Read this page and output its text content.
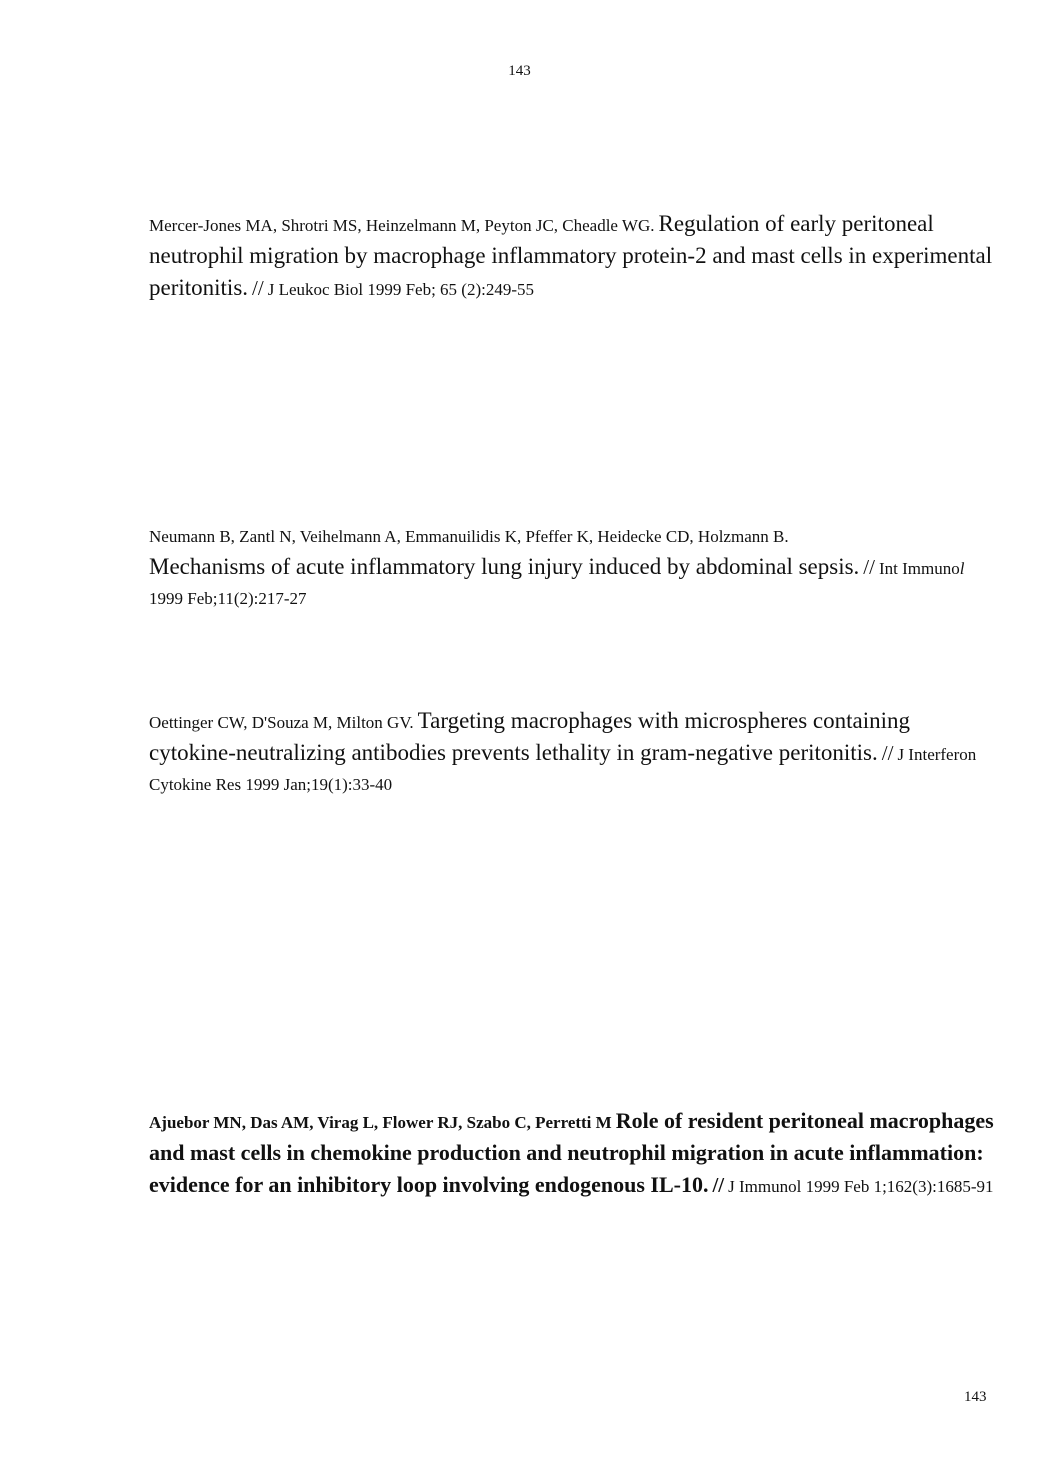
143

Mercer-Jones MA, Shrotri MS, Heinzelmann M, Peyton JC, Cheadle WG. Regulation of early peritoneal neutrophil migration by macrophage inflammatory protein-2 and mast cells in experimental peritonitis. // J Leukoc Biol 1999 Feb; 65 (2):249-55

Neumann B, Zantl N, Veihelmann A, Emmanuilidis K, Pfeffer K, Heidecke CD, Holzmann B.
Mechanisms of acute inflammatory lung injury induced by abdominal sepsis. // Int Immunol 1999 Feb;11(2):217-27

Oettinger CW, D'Souza M, Milton GV. Targeting macrophages with microspheres containing cytokine-neutralizing antibodies prevents lethality in gram-negative peritonitis. // J Interferon Cytokine Res 1999 Jan;19(1):33-40

Ajuebor MN, Das AM, Virag L, Flower RJ, Szabo C, Perretti M Role of resident peritoneal macrophages and mast cells in chemokine production and neutrophil migration in acute inflammation: evidence for an inhibitory loop involving endogenous IL-10. // J Immunol 1999 Feb 1;162(3):1685-91

143
